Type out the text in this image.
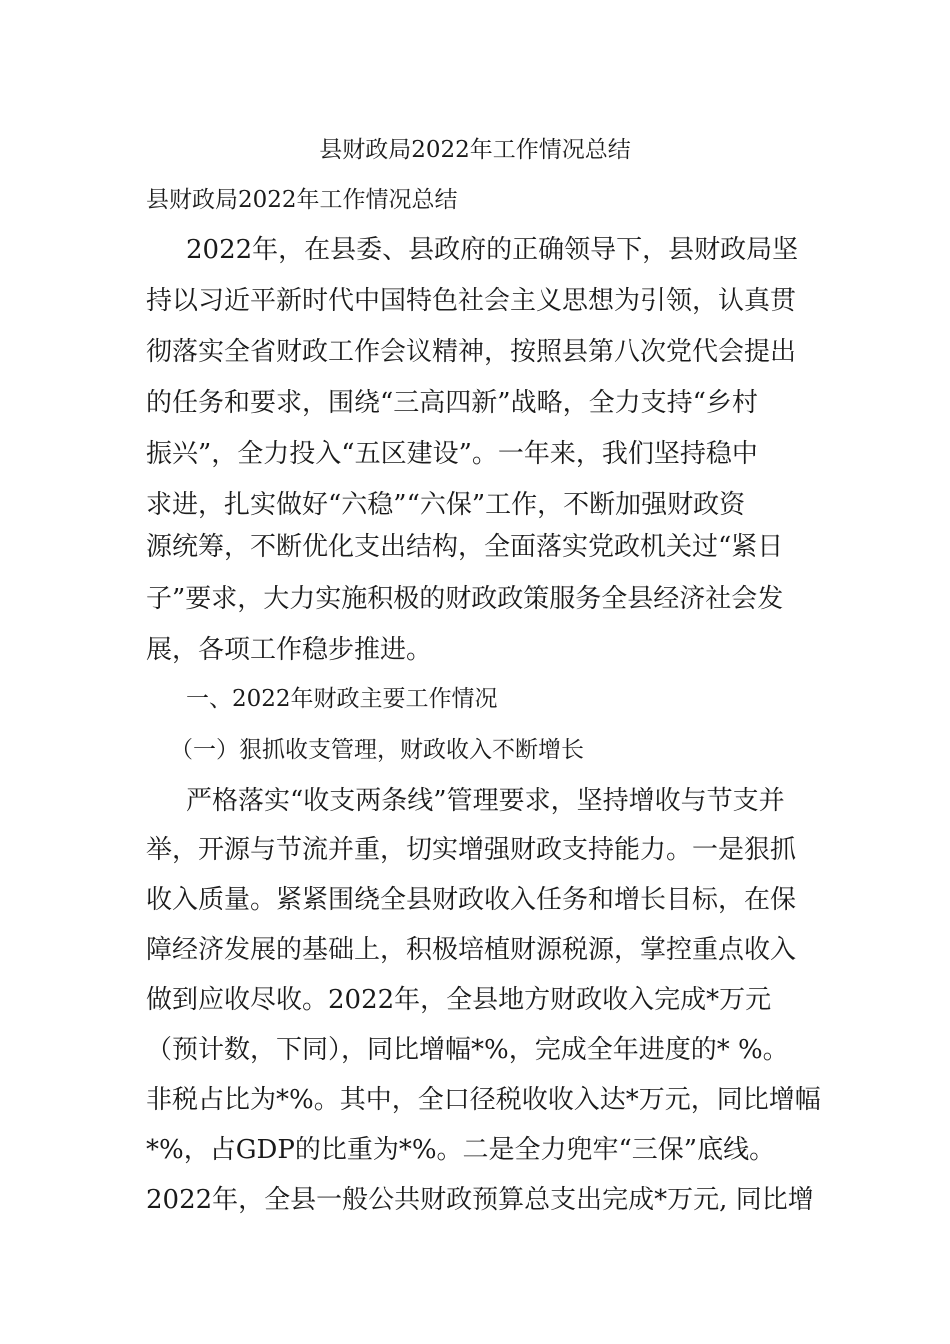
县财政局2022年工作情况总结
县财政局2022年工作情况总结
2022年，在县委、县政府的正确领导下，县财政局坚
持以习近平新时代中国特色社会主义思想为引领，认真贯
彻落实全省财政工作会议精神，按照县第八次党代会提出
的任务和要求，围绕“三高四新”战略，全力支持“乡村
振兴”，全力投入“五区建设”。一年来，我们坚持稳中
求进，扎实做好“六稳”“六保”工作，不断加强财政资
源统筹，不断优化支出结构，全面落实党政机关过“紧日
子”要求，大力实施积极的财政政策服务全县经济社会发
展，各项工作稳步推进。
一、2022年财政主要工作情况
（一）狠抓收支管理，财政收入不断增长
严格落实“收支两条线”管理要求，坚持增收与节支并
举，开源与节流并重，切实增强财政支持能力。一是狠抓
收入质量。紧紧围绕全县财政收入任务和增长目标，在保
障经济发展的基础上，积极培植财源税源，掌控重点收入
做到应收尽收。2022年，全县地方财政收入完成*万元
（预计数，下同），同比增幅*%，完成全年进度的* %。
非税占比为*%。其中，全口径税收收入达*万元，同比增幅
*%，占GDP的比重为*%。二是全力兜牢“三保”底线。
2022年，全县一般公共财政预算总支出完成*万元, 同比增
